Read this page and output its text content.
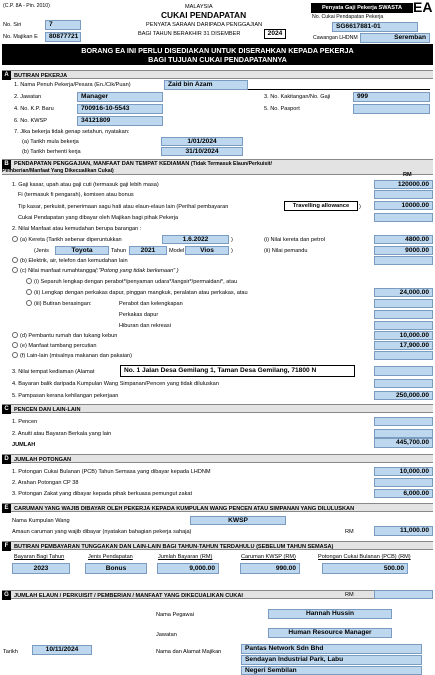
(C.P. 8A - Pin. 2010)	MALAYSIA
CUKAI PENDAPATAN
PENYATA SARAAN DARIPADA PENGGAJIAN
BAGI TAHUN BERAKHIR 31 DISEMBER	2024
No. Siri	7
No. Majikan E	80877721
Penyata Gaji Pekerja SWASTA EA
No. Cukai Pendapatan Pekerja
SG6617881-01
Cawangan LHDNM	Seremban
BORANG EA INI PERLU DISEDIAKAN UNTUK DISERAHKAN KEPADA PEKERJA
BAGI TUJUAN CUKAI PENDAPATANNYA
A BUTIRAN PEKERJA
1. Nama Penuh Pekerja/Pesara (En./Cik/Puan)	Zaid bin Azam
2. Jawatan	Manager	3. No. Kakitangan/No. Gaji	999
4. No. K.P. Baru	700916-10-5543	5. No. Pasport
6. No. KWSP	34121809
7. Jika bekerja tidak genap setahun, nyatakan:
(a) Tarikh mula bekerja	1/01/2024
(b) Tarikh berhenti kerja	31/10/2024
B PENDAPATAN PENGGAJIAN, MANFAAT DAN TEMPAT KEDIAMAN (Tidak Termasuk Elaun/Perkuisit/
Pemberian/Manfaat Yang Dikecualikan Cukai)
RM
1. Gaji kasar, upah atau gaji cuti (termasuk gaji lebih masa)	120000.00
Fi (termasuk fi pengarah), komisen atau bonus
Tip kasar, perkuisit, penerimaan sagu hati atau elaun-elaun lain (Perihal pembayaran	Travelling allowance	)	10000.00
Cukai Pendapatan yang dibayar oleh Majikan bagi pihak Pekerja
2. Nilai Manfaat atau kemudahan berupa barangan :
(a) Kereta (Tarikh sebenar diperuntukkan	1.6.2022	)	(i) Nilai kereta dan petrol	4800.00
(Jenis	Toyota	Tahun	2021	Model	Vios	)	(ii) Nilai pemandu	9000.00
(b) Elektrik, air, telefon dan kemudahan lain
(c) Nilai manfaat rumahtangga :
( "Potong yang tidak berkenaan" )
(i) Separuh lengkap dengan perabot*/penyaman udara*/langsir*/permaidani*, atau
(ii) Lengkap dengan perkakas dapur, pinggan mangkuk, peralatan atau perkakas, atau	24,000.00
(iii) Butiran berasingan:	Perabot dan kelengkapan
Perkakas dapur
Hiburan dan rekreasi
(d) Pembantu rumah dan tukang kebun	10,000.00
(e) Manfaat tambang percutian	17,900.00
(f) Lain-lain (misalnya makanan dan pakaian)
3. Nilai tempat kediaman (Alamat	No. 1 Jalan Desa Gemilang 1, Taman Desa Gemilang, 71800 N
4. Bayaran balik daripada Kumpulan Wang Simpanan/Pencen yang tidak diluluskan
5. Pampasan kerana kehilangan pekerjaan	250,000.00
C PENCEN DAN LAIN-LAIN
1. Pencen
2. Anuiti atau Bayaran Berkala yang lain
JUMLAH	445,700.00
D JUMLAH POTONGAN
1. Potongan Cukai Bulanan (PCB) Tahun Semasa yang dibayar kepada LHDNM	10,000.00
2. Arahan Potongan CP 38
3. Potongan Zakat yang dibayar kepada pihak berkuasa pemungut zakat	6,000.00
E CARUMAN YANG WAJIB DIBAYAR OLEH PEKERJA KEPADA KUMPULAN WANG PENCEN ATAU SIMPANAN YANG DILULUSKAN
Nama Kumpulan Wang	KWSP
Amaun caruman yang wajib dibayar (nyatakan bahagian pekerja sahaja)	RM	11,000.00
F	BUTIRAN PEMBAYARAN TUNGGAKAN DAN LAIN-LAIN BAGI TAHUN-TAHUN TERDAHULU (SEBELUM TAHUN SEMASA)
Bayaran Bagi Tahun	Jenis Pendapatan	Jumlah Bayaran (RM)	Caruman KWSP (RM)	Potongan Cukai Bulanan (PCB) (RM)
2023	Bonus	9,000.00	990.00	500.00
G JUMLAH ELAUN / PERKUISIT / PEMBERIAN / MANFAAT YANG DIKECUALIKAN CUKAI	RM
Nama Pegawai	Hannah Hussin
Jawatan	Human Resource Manager
Nama dan Alamat Majikan	Pantas Network Sdn Bhd
Sendayan Industrial Park, Labu
Negeri Sembilan
Tarikh	10/11/2024
